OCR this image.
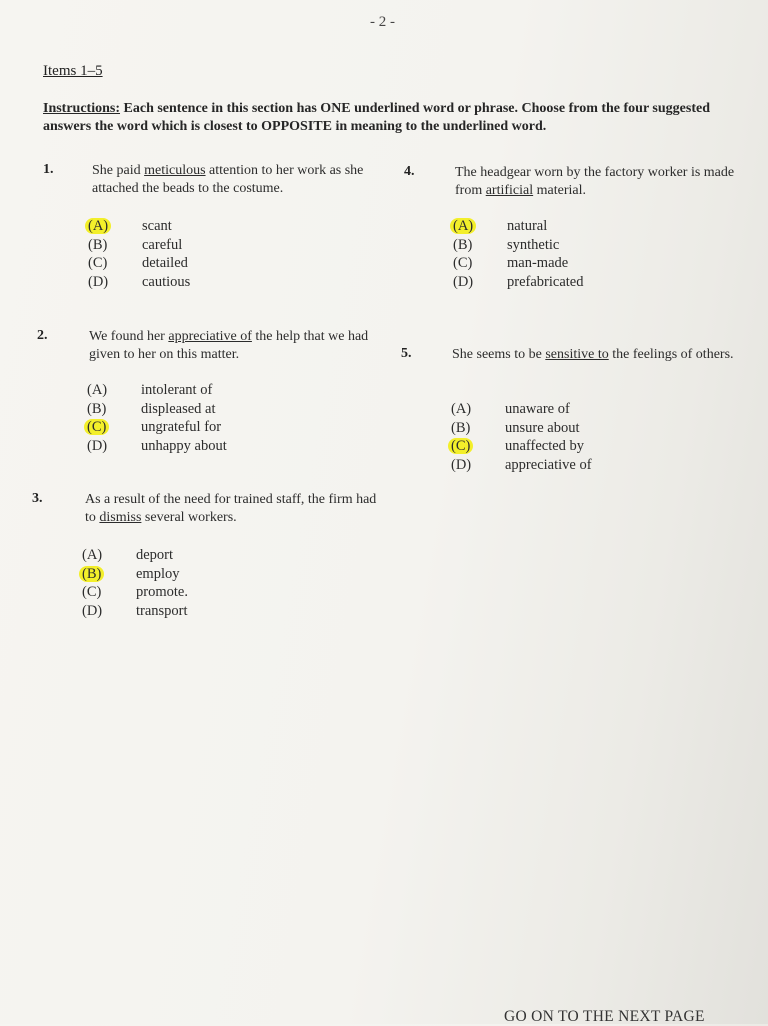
- 2 -
Items 1–5
Instructions: Each sentence in this section has ONE underlined word or phrase. Choose from the four suggested answers the word which is closest to OPPOSITE in meaning to the underlined word.
1.	She paid meticulous attention to her work as she attached the beads to the costume.
(A)	scant
(B)	careful
(C)	detailed
(D)	cautious
2.	We found her appreciative of the help that we had given to her on this matter.
(A)	intolerant of
(B)	displeased at
(C)	ungrateful for
(D)	unhappy about
3.	As a result of the need for trained staff, the firm had to dismiss several workers.
(A)	deport
(B)	employ
(C)	promote.
(D)	transport
4.	The headgear worn by the factory worker is made from artificial material.
(A)	natural
(B)	synthetic
(C)	man-made
(D)	prefabricated
5.	She seems to be sensitive to the feelings of others.
(A)	unaware of
(B)	unsure about
(C)	unaffected by
(D)	appreciative of
GO ON TO THE NEXT PAGE
